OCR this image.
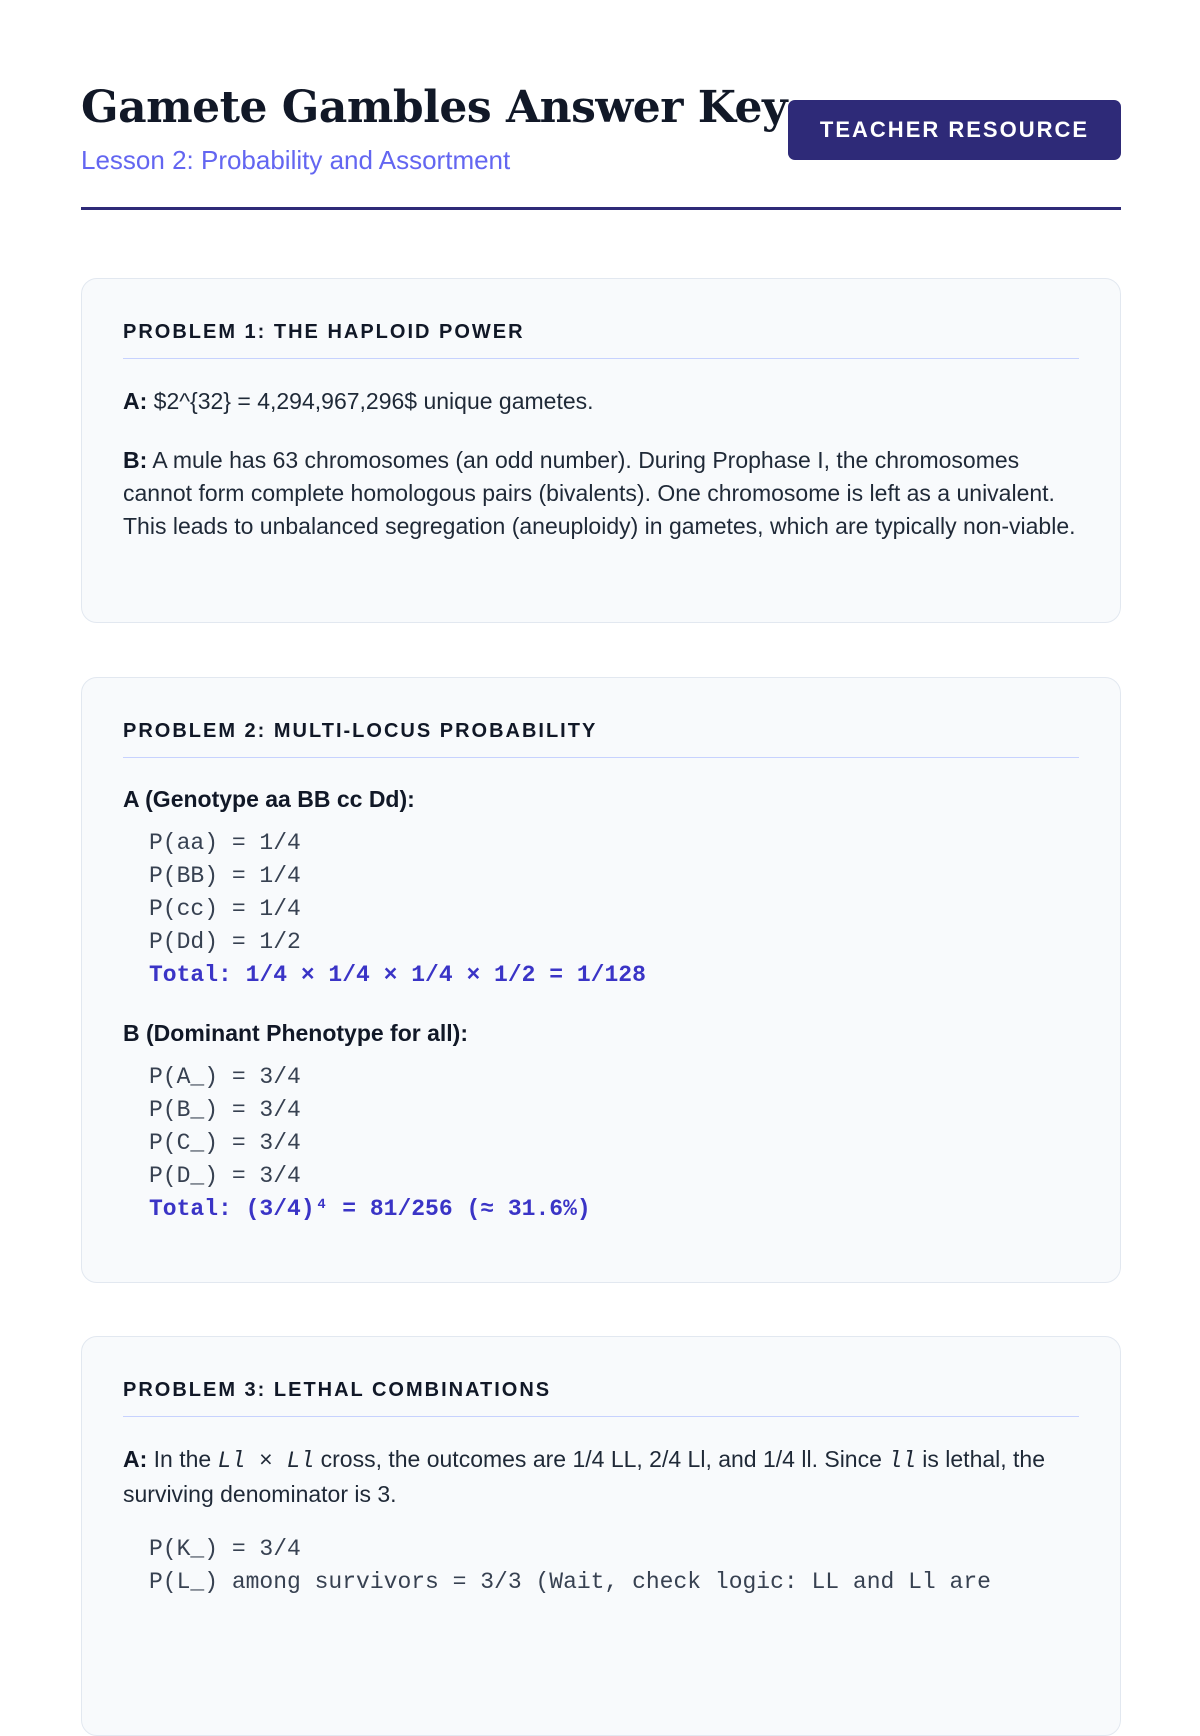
Gamete Gambles Answer Key
Lesson 2: Probability and Assortment
TEACHER RESOURCE
PROBLEM 1: THE HAPLOID POWER

A: $2^{32} = 4,294,967,296$ unique gametes.

B: A mule has 63 chromosomes (an odd number). During Prophase I, the chromosomes cannot form complete homologous pairs (bivalents). One chromosome is left as a univalent. This leads to unbalanced segregation (aneuploidy) in gametes, which are typically non-viable.

PROBLEM 2: MULTI-LOCUS PROBABILITY

A (Genotype aa BB cc Dd):

P(aa) = 1/4

P(BB) = 1/4

P(cc) = 1/4

P(Dd) = 1/2

Total: 1/4 × 1/4 × 1/4 × 1/2 = 1/128

B (Dominant Phenotype for all):

P(A_) = 3/4

P(B_) = 3/4

P(C_) = 3/4

P(D_) = 3/4

Total: (3/4)⁴ = 81/256 (≈ 31.6%)

PROBLEM 3: LETHAL COMBINATIONS

A: In the Ll × Ll cross, the outcomes are 1/4 LL, 2/4 Ll, and 1/4 ll. Since ll is lethal, the surviving denominator is 3.

P(K_) = 3/4

P(L_) among survivors = 3/3 (Wait, check logic: LL and Ll are
